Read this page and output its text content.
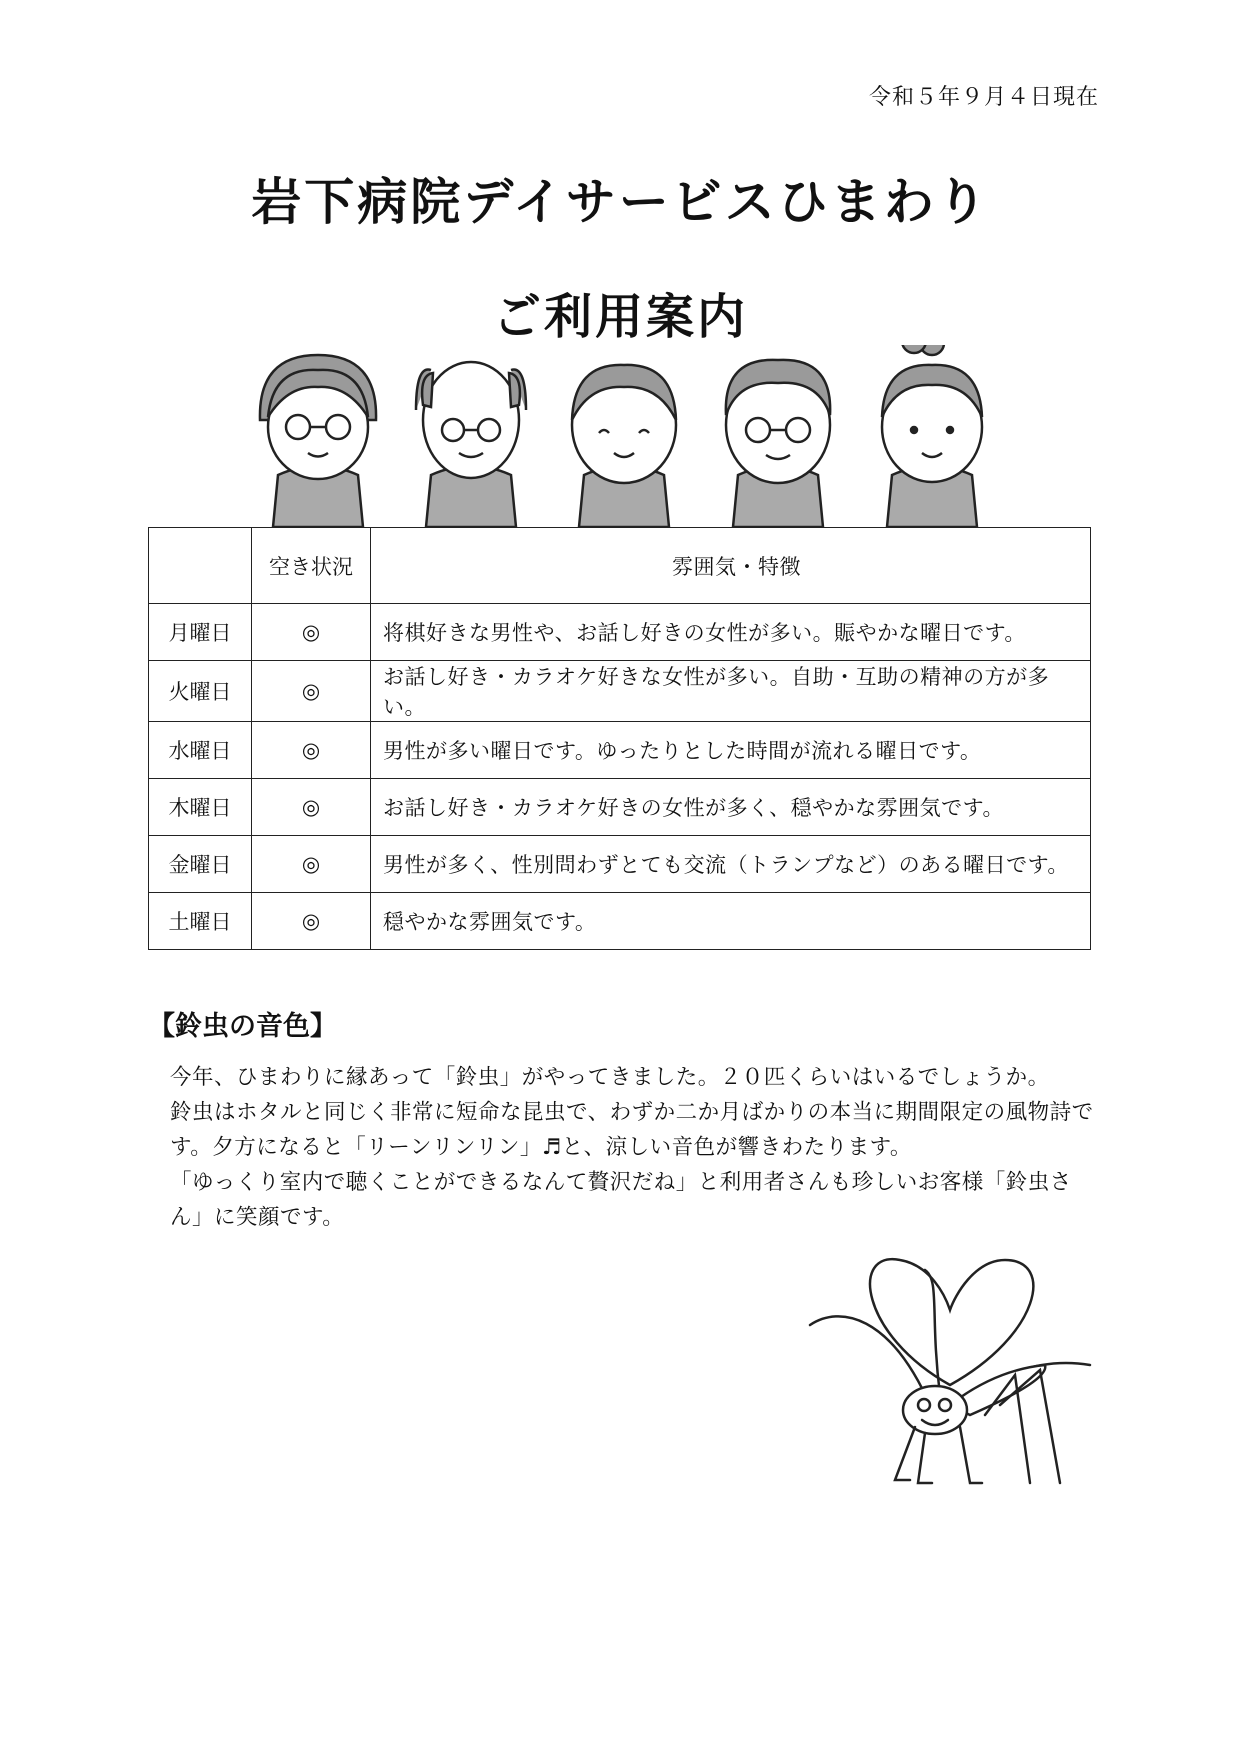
令和５年９月４日現在
岩下病院デイサービスひまわり
ご利用案内
	空き状況	雰囲気・特徴
月曜日	◎	将棋好きな男性や、お話し好きの女性が多い。賑やかな曜日です。
火曜日	◎	お話し好き・カラオケ好きな女性が多い。自助・互助の精神の方が多い。
水曜日	◎	男性が多い曜日です。ゆったりとした時間が流れる曜日です。
木曜日	◎	お話し好き・カラオケ好きの女性が多く、穏やかな雰囲気です。
金曜日	◎	男性が多く、性別問わずとても交流（トランプなど）のある曜日です。
土曜日	◎	穏やかな雰囲気です。
【鈴虫の音色】

今年、ひまわりに縁あって「鈴虫」がやってきました。２０匹くらいはいるでしょうか。

鈴虫はホタルと同じく非常に短命な昆虫で、わずか二か月ばかりの本当に期間限定の風物詩です。夕方になると「リーンリンリン」♬と、涼しい音色が響きわたります。

「ゆっくり室内で聴くことができるなんて贅沢だね」と利用者さんも珍しいお客様「鈴虫さん」に笑顔です。
